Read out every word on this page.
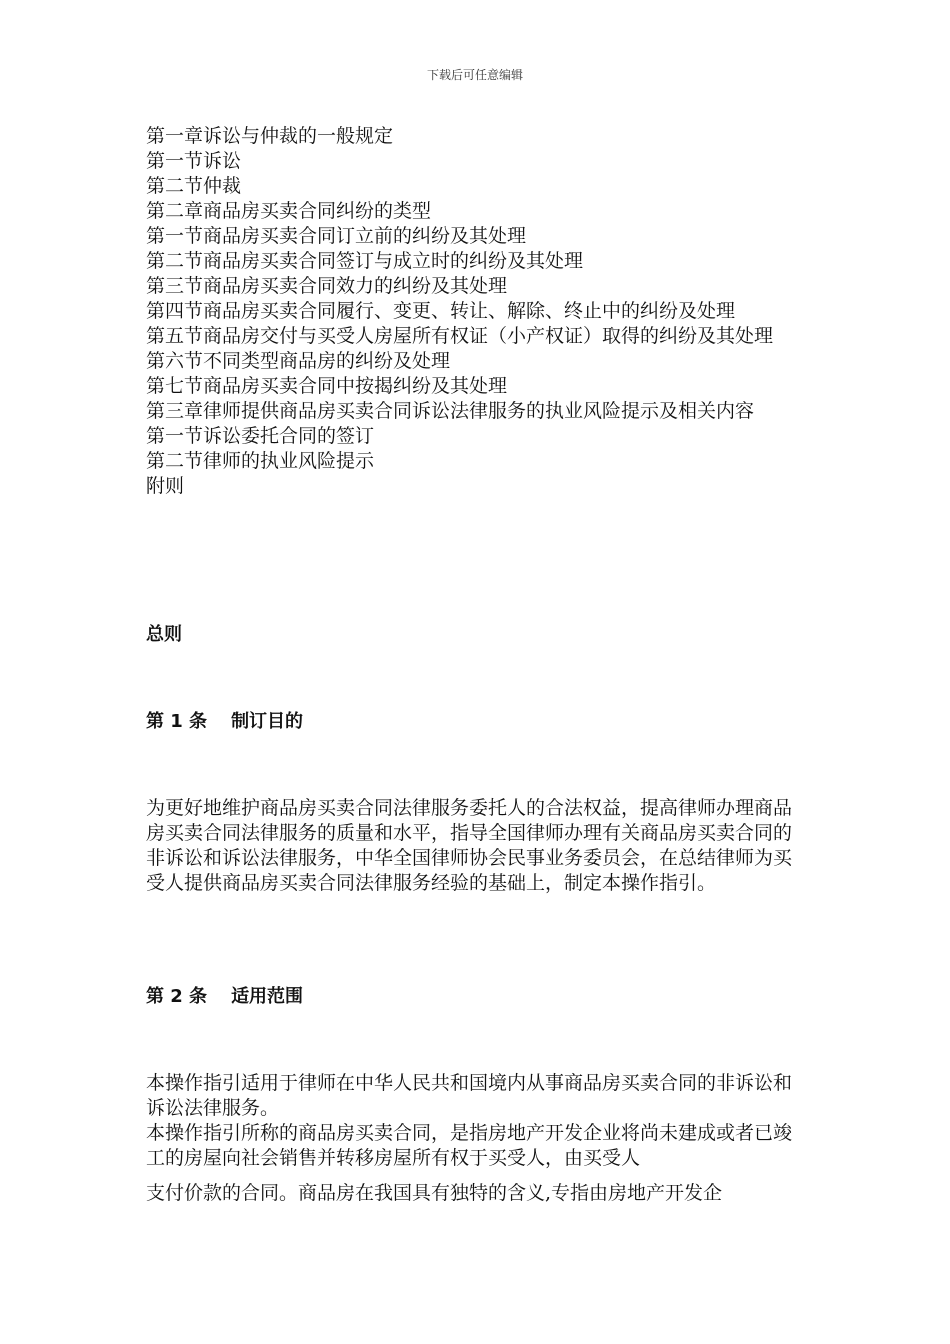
下载后可任意编辑

第一章诉讼与仲裁的一般规定

第一节诉讼

第二节仲裁

第二章商品房买卖合同纠纷的类型

第一节商品房买卖合同订立前的纠纷及其处理

第二节商品房买卖合同签订与成立时的纠纷及其处理

第三节商品房买卖合同效力的纠纷及其处理

第四节商品房买卖合同履行、变更、转让、解除、终止中的纠纷及处理

第五节商品房交付与买受人房屋所有权证（小产权证）取得的纠纷及其处理

第六节不同类型商品房的纠纷及处理

第七节商品房买卖合同中按揭纠纷及其处理

第三章律师提供商品房买卖合同诉讼法律服务的执业风险提示及相关内容

第一节诉讼委托合同的签订

第二节律师的执业风险提示

附则

总则

第 1 条 制订目的

为更好地维护商品房买卖合同法律服务委托人的合法权益，提高律师办理商品房买卖合同法律服务的质量和水平，指导全国律师办理有关商品房买卖合同的非诉讼和诉讼法律服务，中华全国律师协会民事业务委员会，在总结律师为买受人提供商品房买卖合同法律服务经验的基础上，制定本操作指引。

第 2 条 适用范围

本操作指引适用于律师在中华人民共和国境内从事商品房买卖合同的非诉讼和诉讼法律服务。

本操作指引所称的商品房买卖合同，是指房地产开发企业将尚未建成或者已竣工的房屋向社会销售并转移房屋所有权于买受人，由买受人

支付价款的合同。商品房在我国具有独特的含义,专指由房地产开发企
